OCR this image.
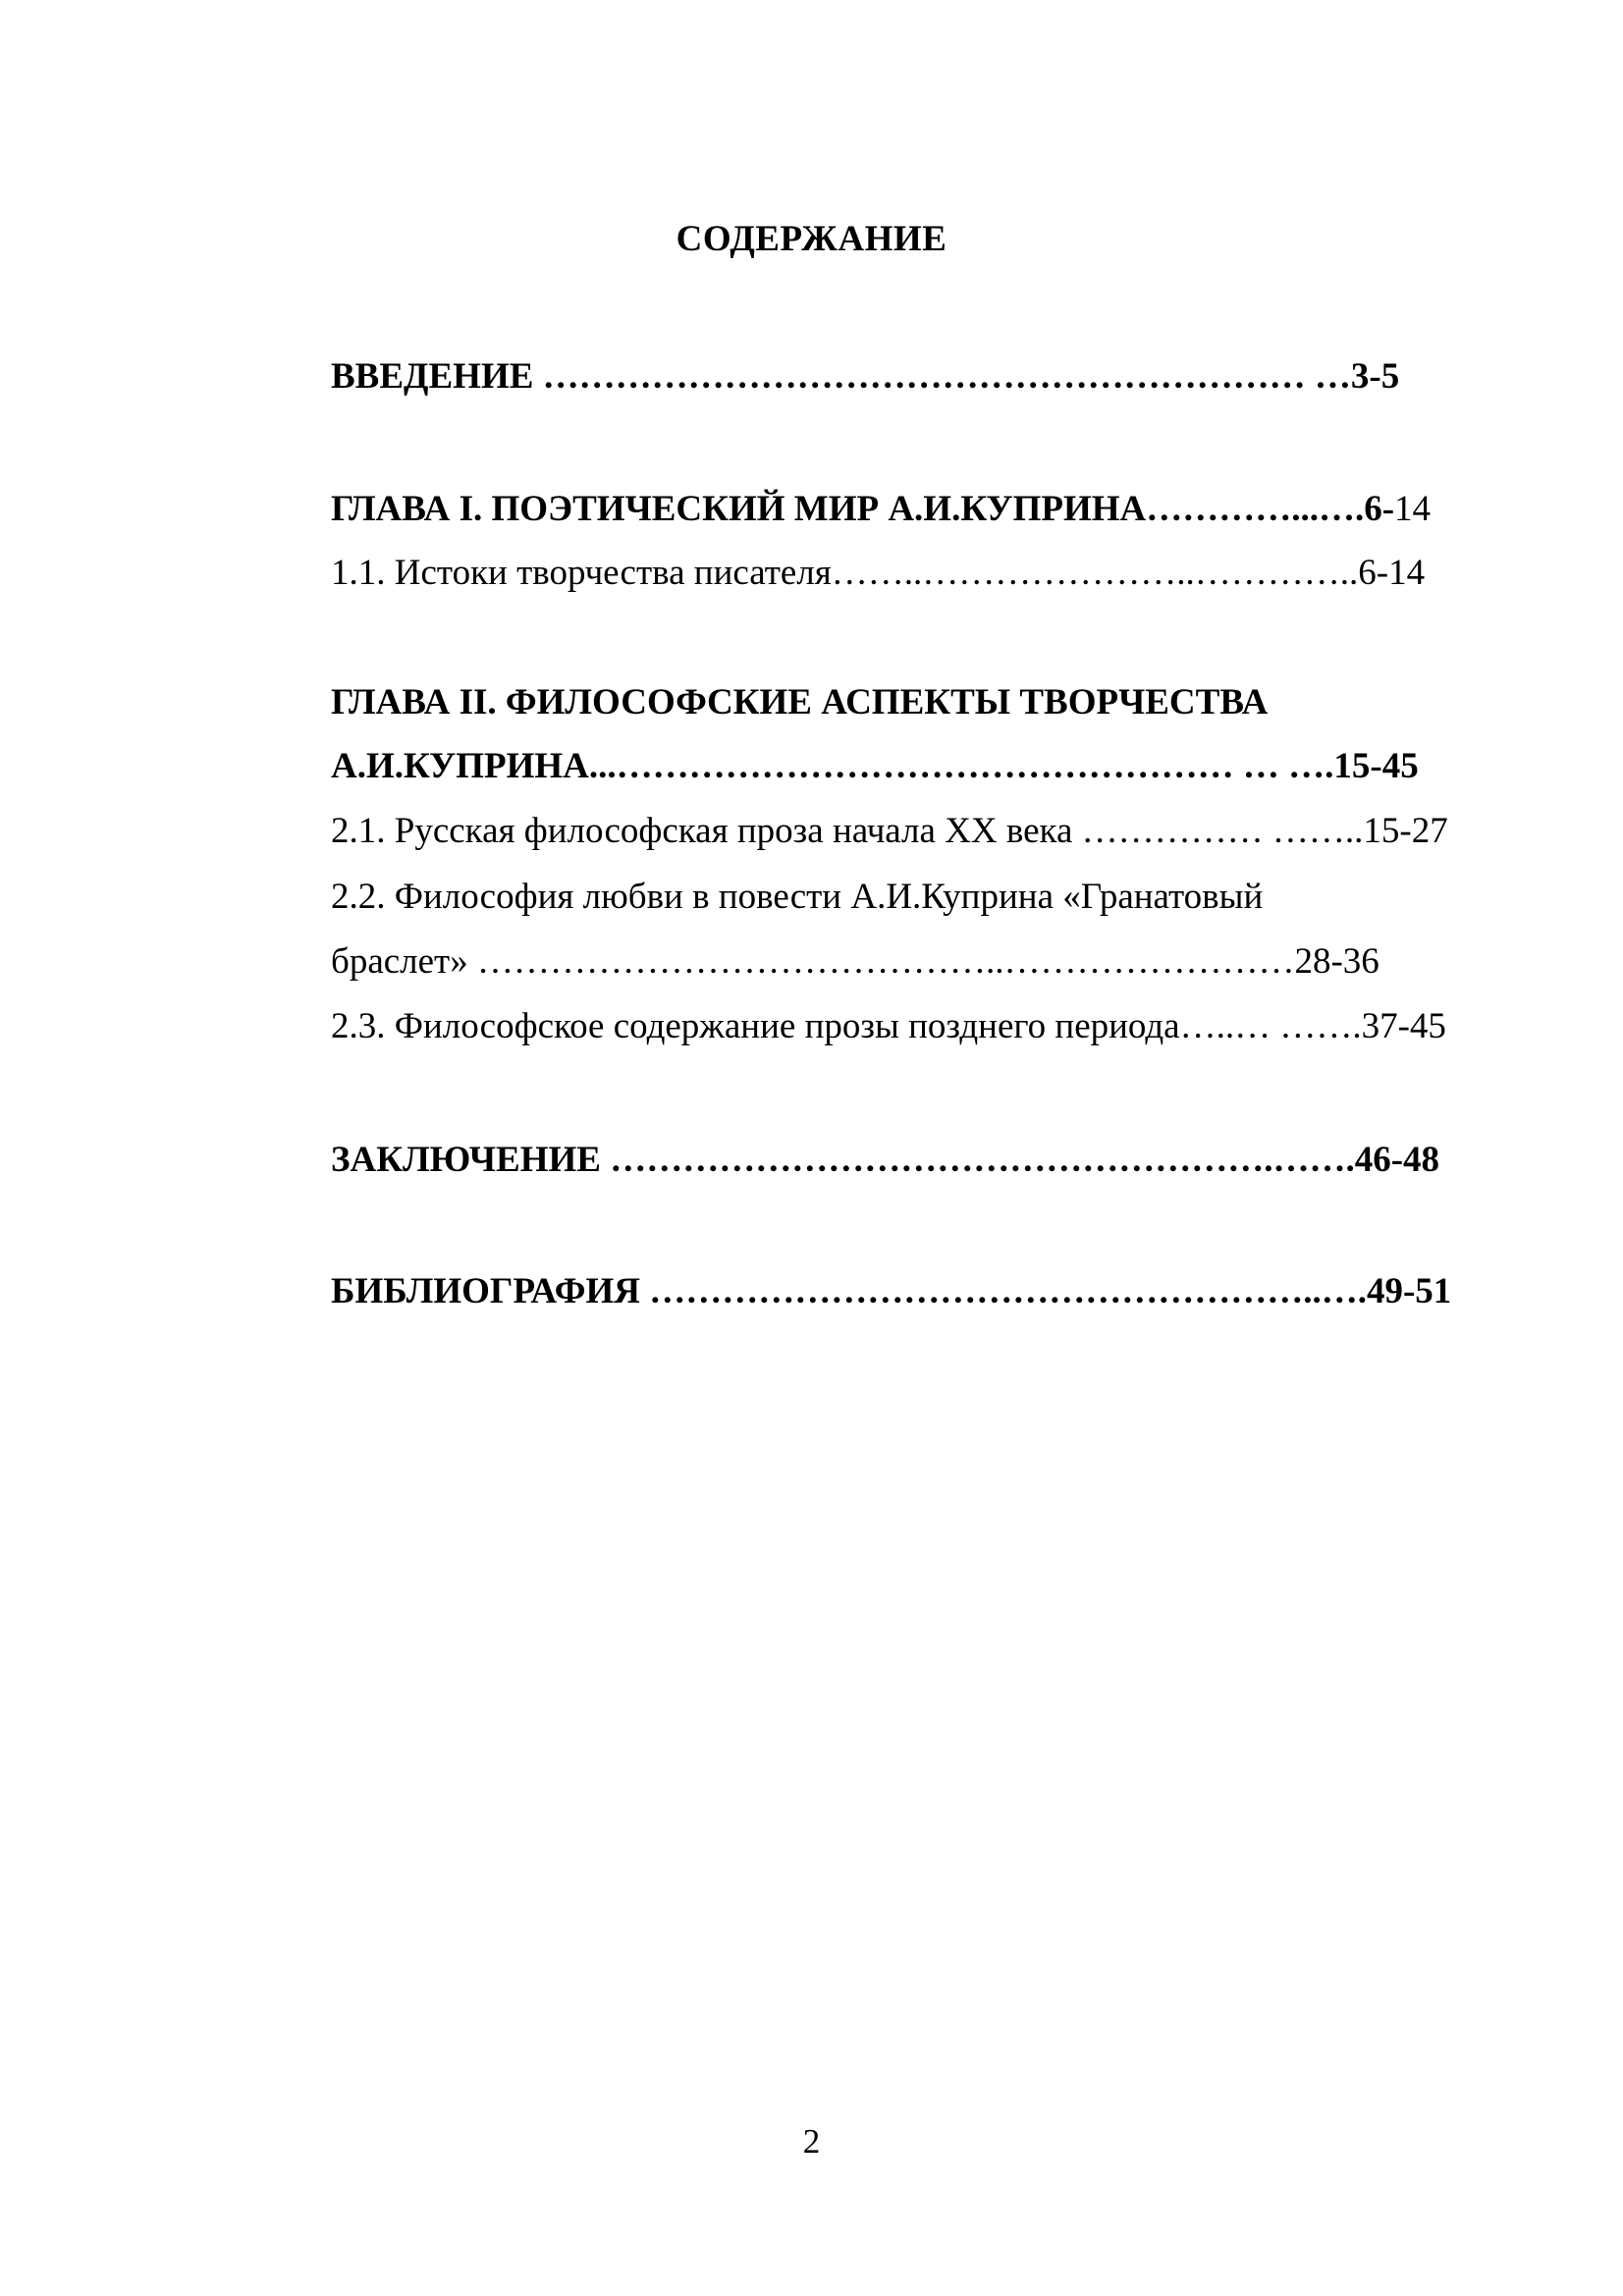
СОДЕРЖАНИЕ
ВВЕДЕНИЕ ……………………………………………………… …3-5
ГЛАВА I. ПОЭТИЧЕСКИЙ МИР А.И.КУПРИНА…………...….6-14
1.1. Истоки творчества писателя……..…………………..…………..6-14
ГЛАВА II. ФИЛОСОФСКИЕ АСПЕКТЫ ТВОРЧЕСТВА
А.И.КУПРИНА...…………………………………………… … ….15-45
2.1. Русская философская проза начала XX века …………… ……..15-27
2.2. Философия любви в повести А.И.Куприна «Гранатовый
браслет» ……………………………………..……………………28-36
2.3. Философское содержание прозы позднего периода…..… …….37-45
ЗАКЛЮЧЕНИЕ ……………………………………………….…….46-48
БИБЛИОГРАФИЯ ………………………………………………..….49-51
2
